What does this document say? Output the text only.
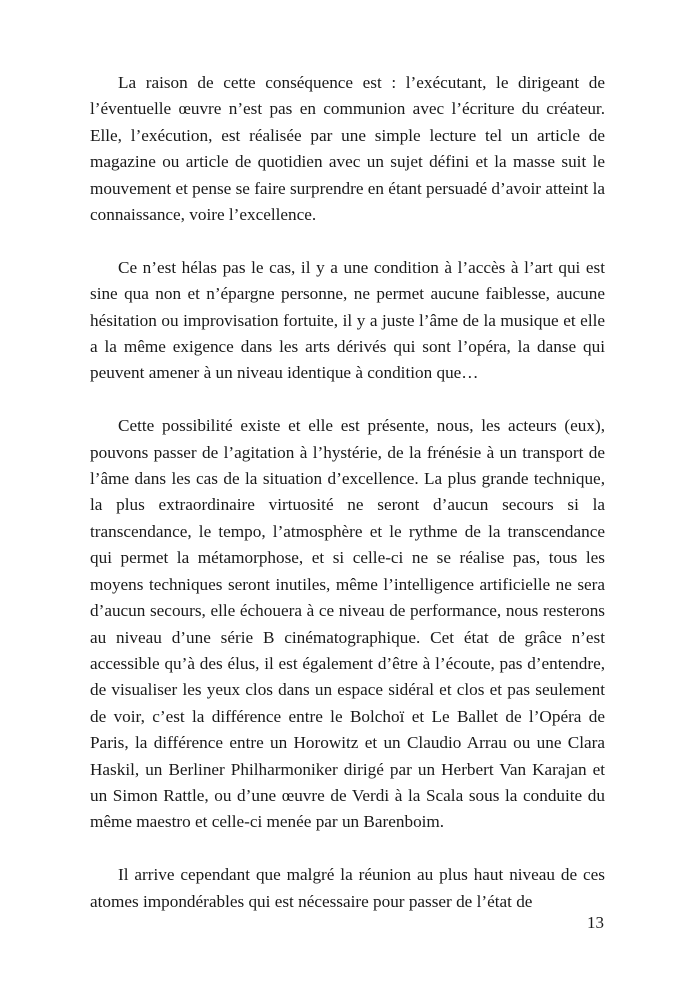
La raison de cette conséquence est : l’exécutant, le dirigeant de l’éventuelle œuvre n’est pas en communion avec l’écriture du créateur. Elle, l’exécution, est réalisée par une simple lecture tel un article de magazine ou article de quotidien avec un sujet défini et la masse suit le mouvement et pense se faire surprendre en étant persuadé d’avoir atteint la connaissance, voire l’excellence.

Ce n’est hélas pas le cas, il y a une condition à l’accès à l’art qui est sine qua non et n’épargne personne, ne permet aucune faiblesse, aucune hésitation ou improvisation fortuite, il y a juste l’âme de la musique et elle a la même exigence dans les arts dérivés qui sont l’opéra, la danse qui peuvent amener à un niveau identique à condition que…

Cette possibilité existe et elle est présente, nous, les acteurs (eux), pouvons passer de l’agitation à l’hystérie, de la frénésie à un transport de l’âme dans les cas de la situation d’excellence. La plus grande technique, la plus extraordinaire virtuosité ne seront d’aucun secours si la transcendance, le tempo, l’atmosphère et le rythme de la transcendance qui permet la métamorphose, et si celle-ci ne se réalise pas, tous les moyens techniques seront inutiles, même l’intelligence artificielle ne sera d’aucun secours, elle échouera à ce niveau de performance, nous resterons au niveau d’une série B cinématographique. Cet état de grâce n’est accessible qu’à des élus, il est également d’être à l’écoute, pas d’entendre, de visualiser les yeux clos dans un espace sidéral et clos et pas seulement de voir, c’est la différence entre le Bolchoï et Le Ballet de l’Opéra de Paris, la différence entre un Horowitz et un Claudio Arrau ou une Clara Haskil, un Berliner Philharmoniker dirigé par un Herbert Van Karajan et un Simon Rattle, ou d’une œuvre de Verdi à la Scala sous la conduite du même maestro et celle-ci menée par un Barenboim.

Il arrive cependant que malgré la réunion au plus haut niveau de ces atomes impondérables qui est nécessaire pour passer de l’état de

13
